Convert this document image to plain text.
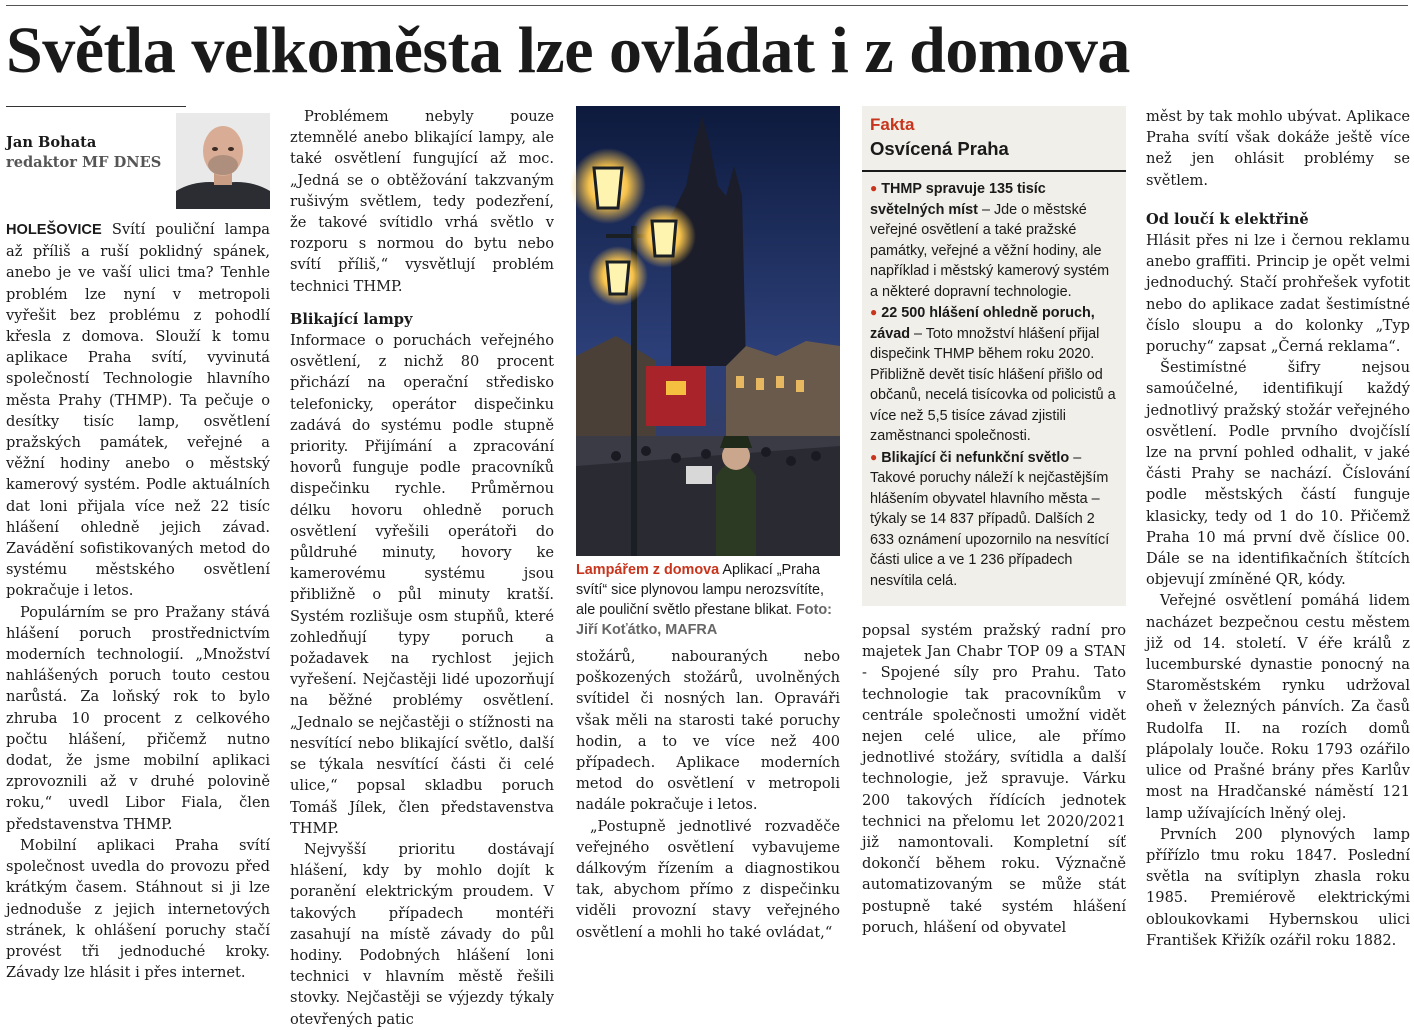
Světla velkoměsta lze ovládat i z domova
Jan Bohata
redaktor MF DNES

HOLEŠOVICE Svítí pouliční lampa až příliš a ruší poklidný spánek, anebo je ve vaší ulici tma? Tenhle problém lze nyní v metropoli vyřešit bez problému z pohodlí křesla z domova. Slouží k tomu aplikace Praha svítí, vyvinutá společností Technologie hlavního města Prahy (THMP). Ta pečuje o desítky tisíc lamp, osvětlení pražských památek, veřejné a věžní hodiny anebo o městský kamerový systém. Podle aktuálních dat loni přijala více než 22 tisíc hlášení ohledně jejich závad. Zavádění sofistikovaných metod do systému městského osvětlení pokračuje i letos.

Populárním se pro Pražany stává hlášení poruch prostřednictvím moderních technologií. „Množství nahlášených poruch touto cestou narůstá. Za loňský rok to bylo zhruba 10 procent z celkového počtu hlášení, přičemž nutno dodat, že jsme mobilní aplikaci zprovoznili až v druhé polovině roku,“ uvedl Libor Fiala, člen představenstva THMP.

Mobilní aplikaci Praha svítí společnost uvedla do provozu před krátkým časem. Stáhnout si ji lze jednoduše z jejich internetových stránek, k ohlášení poruchy stačí provést tři jednoduché kroky. Závady lze hlásit i přes internet.

Problémem nebyly pouze ztemnělé anebo blikající lampy, ale také osvětlení fungující až moc. „Jedná se o obtěžování takzvaným rušivým světlem, tedy podezření, že takové svítidlo vrhá světlo v rozporu s normou do bytu nebo svítí příliš,“ vysvětlují problém technici THMP.

Blikající lampy

Informace o poruchách veřejného osvětlení, z nichž 80 procent přichází na operační středisko telefonicky, operátor dispečinku zadává do systému podle stupně priority. Přijímání a zpracování hovorů funguje podle pracovníků dispečinku rychle. Průměrnou délku hovoru ohledně poruch osvětlení vyřešili operátoři do půldruhé minuty, hovory ke kamerovému systému jsou přibližně o půl minuty kratší. Systém rozlišuje osm stupňů, které zohledňují typy poruch a požadavek na rychlost jejich vyřešení. Nejčastěji lidé upozorňují na běžné problémy osvětlení. „Jednalo se nejčastěji o stížnosti na nesvítící nebo blikající světlo, další se týkala nesvítící části či celé ulice,“ popsal skladbu poruch Tomáš Jílek, člen představenstva THMP.

Nejvyšší prioritu dostávají hlášení, kdy by mohlo dojít k poranění elektrickým proudem. V takových případech montéři zasahují na místě závady do půl hodiny. Podobných hlášení loni technici v hlavním městě řešili stovky. Nejčastěji se výjezdy týkaly otevřených patic

Lampářem z domova Aplikací „Praha svítí“ sice plynovou lampu nerozsvítíte, ale pouliční světlo přestane blikat. Foto: Jiří Koťátko, MAFRA

stožárů, nabouraných nebo poškozených stožárů, uvolněných svítidel či nosných lan. Opraváři však měli na starosti také poruchy hodin, a to ve více než 400 případech. Aplikace moderních metod do osvětlení v metropoli nadále pokračuje i letos.

„Postupně jednotlivé rozvaděče veřejného osvětlení vybavujeme dálkovým řízením a diagnostikou tak, abychom přímo z dispečinku viděli provozní stavy veřejného osvětlení a mohli ho také ovládat,“

Fakta
Osvícená Praha
● THMP spravuje 135 tisíc světelných míst – Jde o městské veřejné osvětlení a také pražské památky, veřejné a věžní hodiny, ale například i městský kamerový systém a některé dopravní technologie.
● 22 500 hlášení ohledně poruch, závad – Toto množství hlášení přijal dispečink THMP během roku 2020. Přibližně devět tisíc hlášení přišlo od občanů, necelá tisícovka od policistů a více než 5,5 tisíce závad zjistili zaměstnanci společnosti.
● Blikající či nefunkční světlo – Takové poruchy náleží k nejčastějším hlášením obyvatel hlavního města – týkaly se 14 837 případů. Dalších 2 633 oznámení upozornilo na nesvítící části ulice a ve 1 236 případech nesvítila celá.

popsal systém pražský radní pro majetek Jan Chabr TOP 09 a STAN - Spojené síly pro Prahu. Tato technologie tak pracovníkům v centrále společnosti umožní vidět nejen celé ulice, ale přímo jednotlivé stožáry, svítidla a další technologie, jež spravuje. Várku 200 takových řídících jednotek technici na přelomu let 2020/2021 již namontovali. Kompletní síť dokončí během roku. Význačně automatizovaným se může stát postupně také systém hlášení poruch, hlášení od obyvatel

měst by tak mohlo ubývat. Aplikace Praha svítí však dokáže ještě více než jen ohlásit problémy se světlem.

Od loučí k elektřině

Hlásit přes ni lze i černou reklamu anebo graffiti. Princip je opět velmi jednoduchý. Stačí prohřešek vyfotit nebo do aplikace zadat šestimístné číslo sloupu a do kolonky „Typ poruchy“ zapsat „Černá reklama“.

Šestimístné šifry nejsou samoúčelné, identifikují každý jednotlivý pražský stožár veřejného osvětlení. Podle prvního dvojčíslí lze na první pohled odhalit, v jaké části Prahy se nachází. Číslování podle městských částí funguje klasicky, tedy od 1 do 10. Přičemž Praha 10 má první dvě číslice 00. Dále se na identifikačních štítcích objevují zmíněné QR, kódy.

Veřejné osvětlení pomáhá lidem nacházet bezpečnou cestu městem již od 14. století. V éře králů z lucemburské dynastie ponocný na Staroměstském rynku udržoval oheň v železných pánvích. Za časů Rudolfa II. na rozích domů plápolaly louče. Roku 1793 ozářilo ulice od Prašné brány přes Karlův most na Hradčanské náměstí 121 lamp užívajících lněný olej.

Prvních 200 plynových lamp přířízlo tmu roku 1847. Poslední světla na svítiplyn zhasla roku 1985. Premiérově elektrickými obloukovkami Hybernskou ulici František Křižík ozářil roku 1882.
